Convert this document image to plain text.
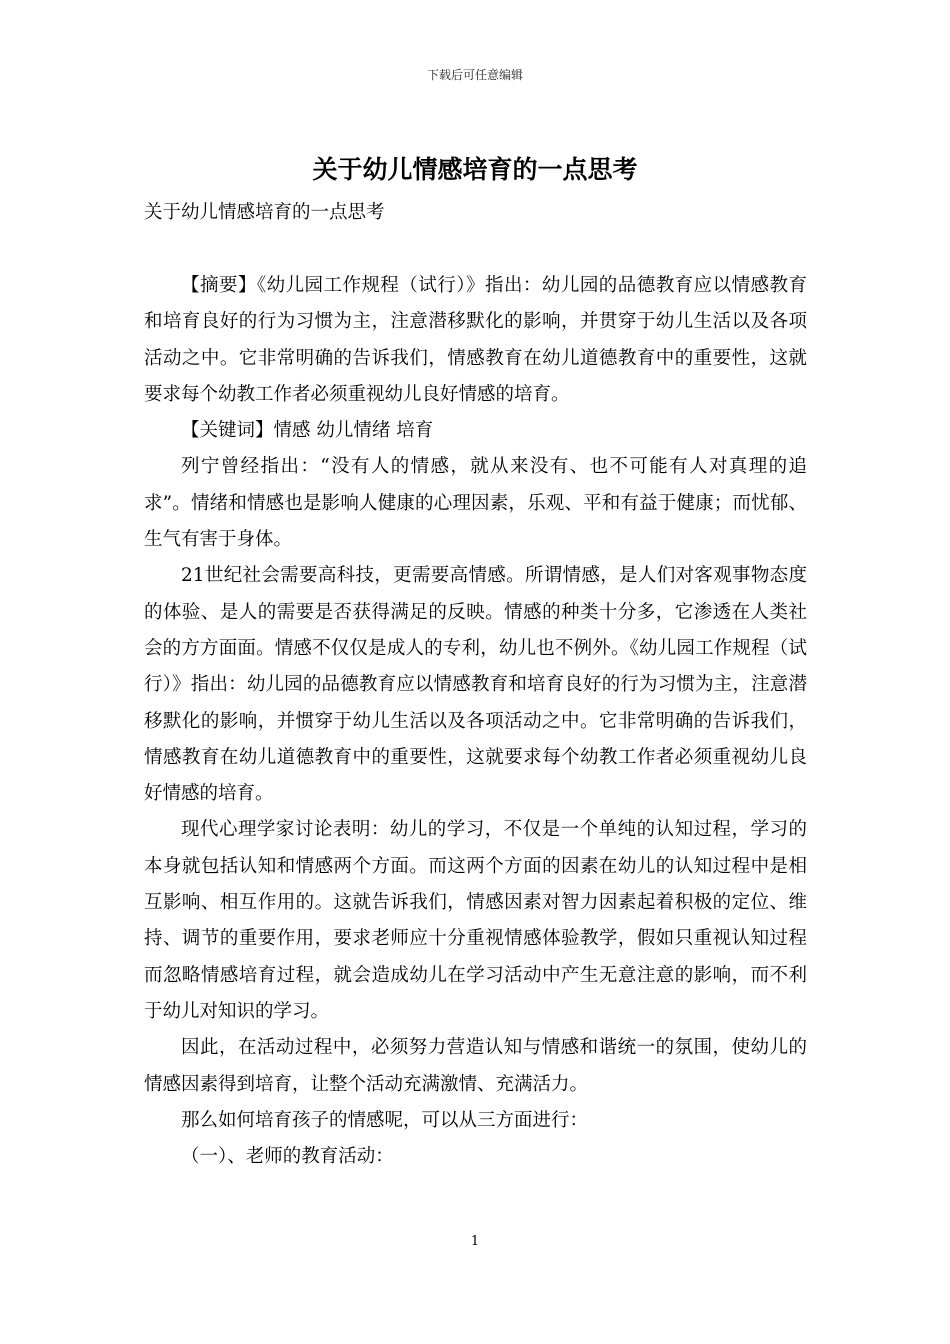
下载后可任意编辑
关于幼儿情感培育的一点思考
关于幼儿情感培育的一点思考

【摘要】《幼儿园工作规程（试行）》指出：幼儿园的品德教育应以情感教育和培育良好的行为习惯为主，注意潜移默化的影响，并贯穿于幼儿生活以及各项活动之中。它非常明确的告诉我们，情感教育在幼儿道德教育中的重要性，这就要求每个幼教工作者必须重视幼儿良好情感的培育。

【关键词】情感 幼儿情绪 培育

列宁曾经指出：“没有人的情感，就从来没有、也不可能有人对真理的追求”。情绪和情感也是影响人健康的心理因素，乐观、平和有益于健康；而忧郁、生气有害于身体。

21世纪社会需要高科技，更需要高情感。所谓情感，是人们对客观事物态度的体验、是人的需要是否获得满足的反映。情感的种类十分多，它渗透在人类社会的方方面面。情感不仅仅是成人的专利，幼儿也不例外。《幼儿园工作规程（试行）》指出：幼儿园的品德教育应以情感教育和培育良好的行为习惯为主，注意潜移默化的影响，并惯穿于幼儿生活以及各项活动之中。它非常明确的告诉我们，情感教育在幼儿道德教育中的重要性，这就要求每个幼教工作者必须重视幼儿良好情感的培育。

现代心理学家讨论表明：幼儿的学习，不仅是一个单纯的认知过程，学习的本身就包括认知和情感两个方面。而这两个方面的因素在幼儿的认知过程中是相互影响、相互作用的。这就告诉我们，情感因素对智力因素起着积极的定位、维持、调节的重要作用，要求老师应十分重视情感体验教学，假如只重视认知过程而忽略情感培育过程，就会造成幼儿在学习活动中产生无意注意的影响，而不利于幼儿对知识的学习。

因此，在活动过程中，必须努力营造认知与情感和谐统一的氛围，使幼儿的情感因素得到培育，让整个活动充满激情、充满活力。

那么如何培育孩子的情感呢，可以从三方面进行：

（一）、老师的教育活动：

1
